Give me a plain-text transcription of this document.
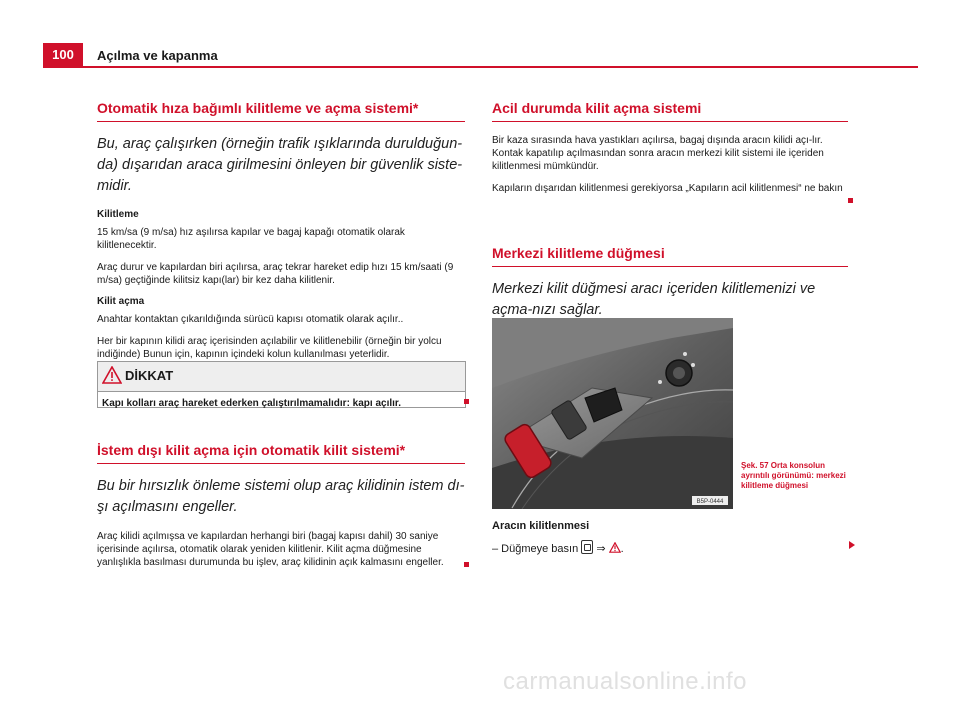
100	Açılma ve kapanma
Otomatik hıza bağımlı kilitleme ve açma sistemi*

Bu, araç çalışırken (örneğin trafik ışıklarında durulduğun-da) dışarıdan araca girilmesini önleyen bir güvenlik siste-midir.

Kilitleme

15 km/sa (9 m/sa) hız aşılırsa kapılar ve bagaj kapağı otomatik olarak kilitlenecektir.

Araç durur ve kapılardan biri açılırsa, araç tekrar hareket edip hızı 15 km/saati (9 m/sa) geçtiğinde kilitsiz kapı(lar) bir kez daha kilitlenir.

Kilit açma

Anahtar kontaktan çıkarıldığında sürücü kapısı otomatik olarak açılır..

Her bir kapının kilidi araç içerisinden açılabilir ve kilitlenebilir (örneğin bir yolcu indiğinde) Bunun için, kapının içindeki kolun kullanılması yeterlidir.

DİKKAT
Kapı kolları araç hareket ederken çalıştırılmamalıdır: kapı açılır.
İstem dışı kilit açma için otomatik kilit sistemi*

Bu bir hırsızlık önleme sistemi olup araç kilidinin istem dı-şı açılmasını engeller.

Araç kilidi açılmışsa ve kapılardan herhangi biri (bagaj kapısı dahil) 30 saniye içerisinde açılırsa, otomatik olarak yeniden kilitlenir. Kilit açma düğmesine yanlışlıkla basılması durumunda bu işlev, araç kilidinin açık kalmasını engeller.

Acil durumda kilit açma sistemi

Bir kaza sırasında hava yastıkları açılırsa, bagaj dışında aracın kilidi açı-lır. Kontak kapatılıp açılmasından sonra aracın merkezi kilit sistemi ile içeriden kilitlenmesi mümkündür.

Kapıların dışarıdan kilitlenmesi gerekiyorsa „Kapıların acil kilitlenmesi“ ne bakın

Merkezi kilitleme düğmesi

Merkezi kilit düğmesi aracı içeriden kilitlemenizi ve açma-nızı sağlar.

B5P-0444
Şek. 57 Orta konsolun ayrıntılı görünümü: merkezi kilitleme düğmesi

Aracın kilitlenmesi

– Düğmeye basın ⇒ .

carmanualsonline.info
